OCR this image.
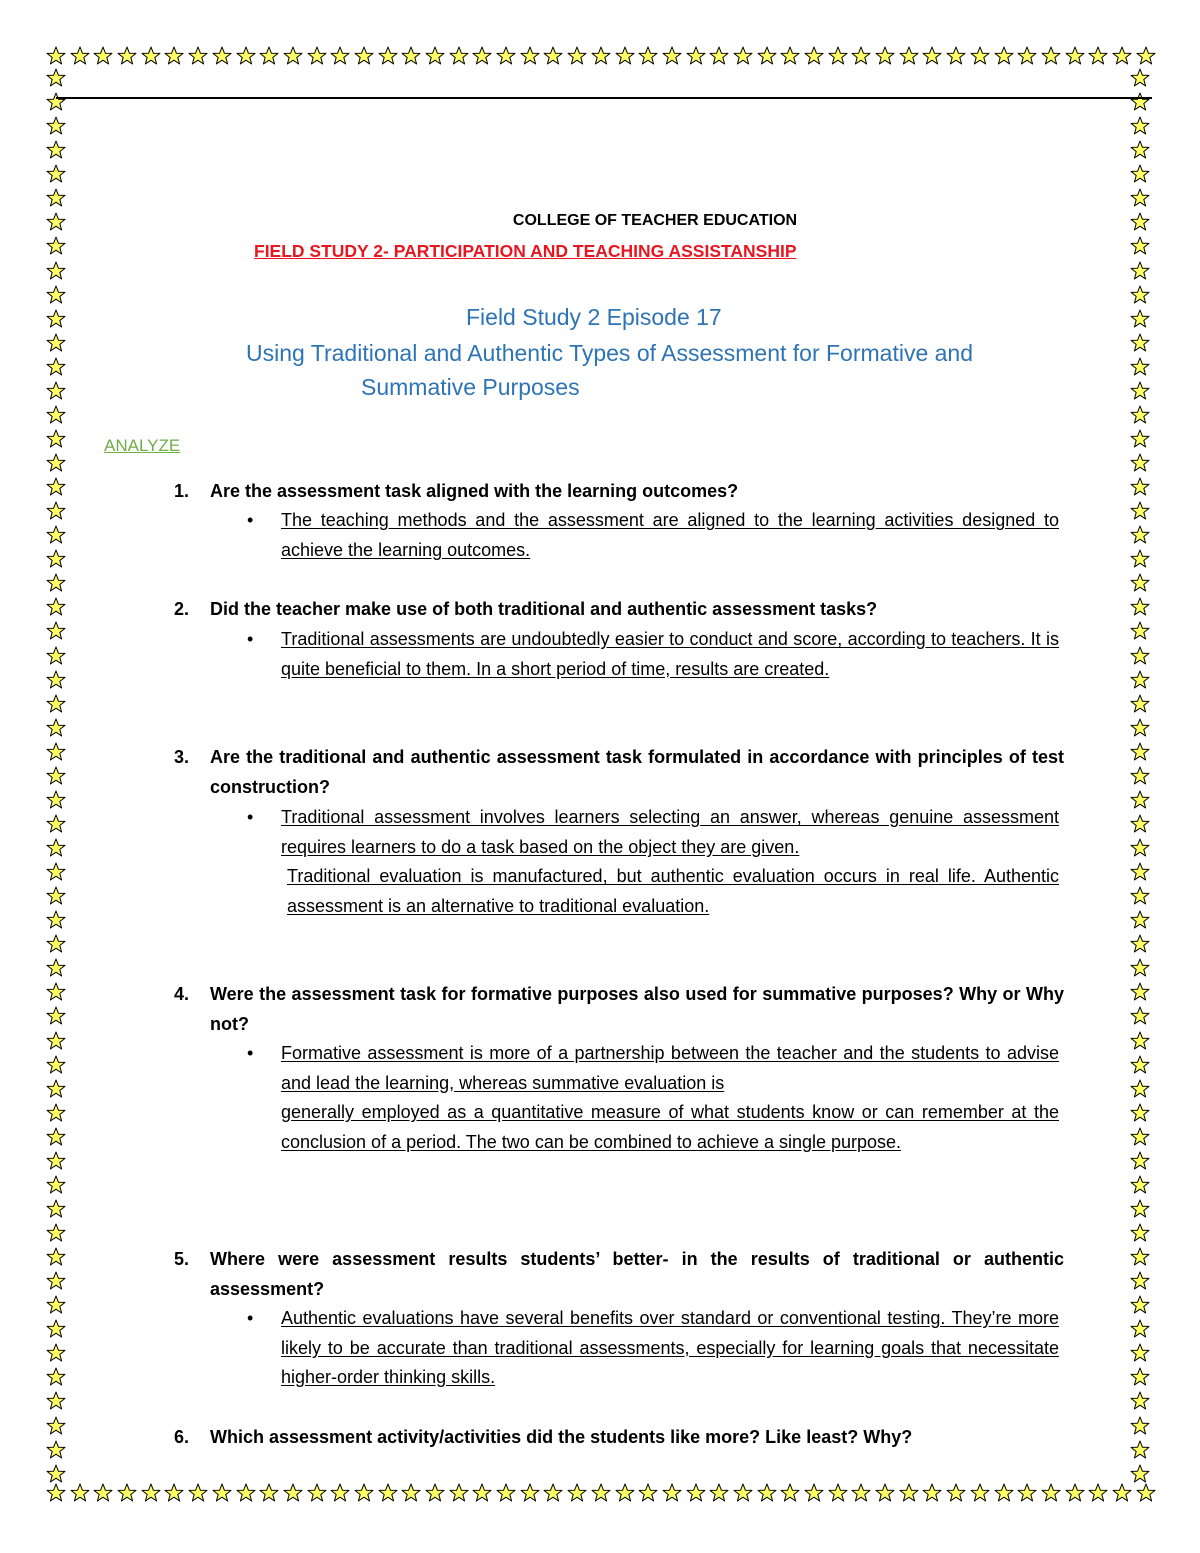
COLLEGE OF TEACHER EDUCATION
FIELD STUDY 2- PARTICIPATION AND TEACHING ASSISTANSHIP
Field Study 2 Episode 17
Using Traditional and Authentic Types of Assessment for Formative and
Summative Purposes
ANALYZE
1. Are the assessment task aligned with the learning outcomes?
• The teaching methods and the assessment are aligned to the learning activities designed to achieve the learning outcomes.
2. Did the teacher make use of both traditional and authentic assessment tasks?
• Traditional assessments are undoubtedly easier to conduct and score, according to teachers. It is quite beneficial to them. In a short period of time, results are created.
3. Are the traditional and authentic assessment task formulated in accordance with principles of test construction?
• Traditional assessment involves learners selecting an answer, whereas genuine assessment requires learners to do a task based on the object they are given.
Traditional evaluation is manufactured, but authentic evaluation occurs in real life. Authentic assessment is an alternative to traditional evaluation.
4. Were the assessment task for formative purposes also used for summative purposes? Why or Why not?
• Formative assessment is more of a partnership between the teacher and the students to advise and lead the learning, whereas summative evaluation is
generally employed as a quantitative measure of what students know or can remember at the conclusion of a period. The two can be combined to achieve a single purpose.
5. Where were assessment results students’ better- in the results of traditional or authentic assessment?
• Authentic evaluations have several benefits over standard or conventional testing. They’re more likely to be accurate than traditional assessments, especially for learning goals that necessitate higher-order thinking skills.
6. Which assessment activity/activities did the students like more? Like least? Why?
